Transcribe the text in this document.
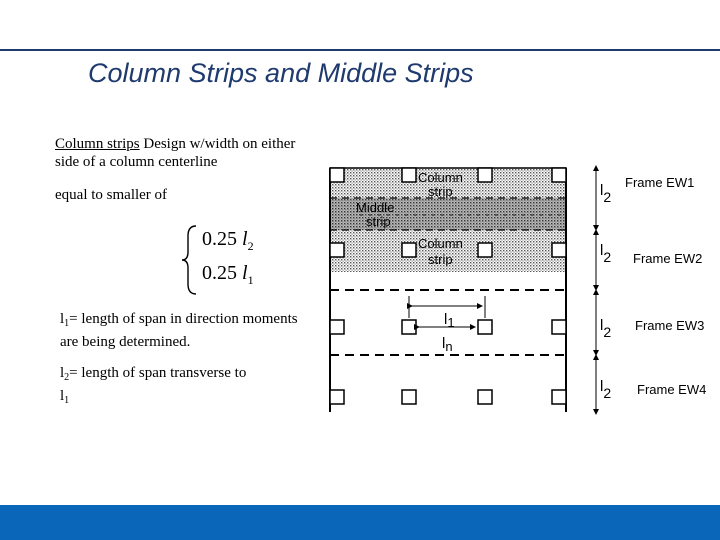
Column Strips and Middle Strips
Column strips Design w/width on either side of a column centerline
equal to smaller of
0.25 $l_2$
0.25 $l_1$
$l_1=$ length of span in direction moments are being determined.
$l_2=$ length of span transverse to
$l_1$
Column
strip
Middle
strip
Column
strip
l1
ln
l2
l2
l2
l2
Frame EW1
Frame EW2
Frame EW3
Frame EW4
